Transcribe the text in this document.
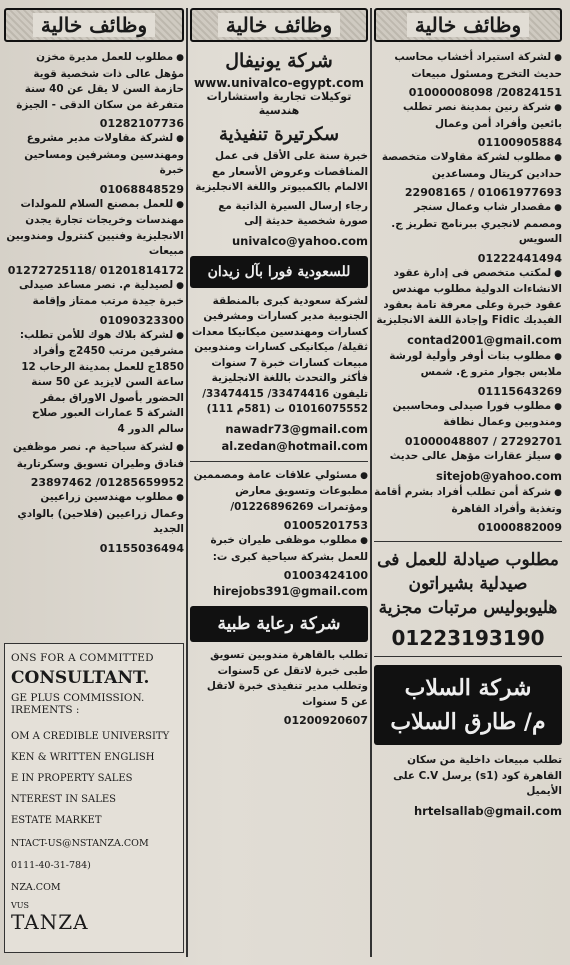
وظائف خالية
●لشركة استيراد أخشاب محاسب حديث التخرج ومسئول مبيعات
01000008098 /20824151
●شركة رنين بمدينة نصر تطلب بائعين وأفراد أمن وعمال
01100905884
●مطلوب لشركة مقاولات متخصصة حدادين كريتال ومساعدين
22908165 / 01061977693
●مقصدار شاب وعمال سنجر ومصمم لانجيري ببرنامج تطريز ج. السويس
01222441494
●لمكتب متخصص فى إدارة عقود الانشاءات الدولية مطلوب مهندس عقود خبرة وعلى معرفة تامة بعقود الفيديك Fidic وإجادة اللغة الانجليزية
contad2001@gmail.com
●مطلوب بنات أوفر وأولية لورشة ملابس بجوار مترو ع. شمس
01115643269
●مطلوب فورا صيدلى ومحاسبين ومندوبين وعمال نظافة
01000048807 / 27292701
●سيلز عقارات مؤهل عالى حديث
sitejob@yahoo.com
●شركة أمن تطلب أفراد بشرم أقامة وتغذية وأفراد القاهرة
01000882009
مطلوب صيادلة للعمل فى صيدلية بشيراتون هليوبوليس مرتبات مجزية
01223193190
شركة السلاب
م/ طارق السلاب
تطلب مبيعات داخلية من سكان القاهرة كود (s1) يرسل C.V على الأيميل
hrtelsallab@gmail.com
وظائف خالية
شركة يونيفال
www.univalco-egypt.com
توكيلات تجارية واستشارات هندسية
سكرتيرة تنفيذية
خبرة سنة على الأقل فى عمل المناقصات وعروض الأسعار مع الالمام بالكمبيوتر واللغة الانجليزية
رجاء إرسال السيرة الذاتية مع صورة شخصية حديثة إلى
univalco@yahoo.com
للسعودية فورا بآل زيدان
لشركة سعودية كبرى بالمنطقة الجنوبية مدير كسارات ومشرفين كسارات ومهندسين ميكانيكا معدات ثقيلة/ ميكانيكى كسارات ومندوبين مبيعات كسارات خبرة 7 سنوات فأكثر والتحدث باللغة الانجليزية تليفون 33474416/ 33474415/ 01016075552 ت (581م 111)
nawadr73@gmail.com
al.zedan@hotmail.com
●مسئولي علاقات عامة ومصممين مطبوعات وتسويق معارض ومؤتمرات 01226896269/
01005201753
●مطلوب موظفى طيران خبرة للعمل بشركة سياحية كبرى ت:
01003424100
hirejobs391@gmail.com
شركة رعاية طبية
تطلب بالقاهرة مندوبين تسويق طبى خبرة لاتقل عن 5سنوات وتطلب مدير تنفيذى خبرة لاتقل عن 5 سنوات
01200920607
وظائف خالية
●مطلوب للعمل مديرة مخزن مؤهل عالى ذات شخصية قوية حازمة السن لا يقل عن 40 سنة متفرغة من سكان الدقى - الجيزة
01282107736
●لشركة مقاولات مدير مشروع ومهندسين ومشرفين ومساحين خبرة
01068848529
●للعمل بمصنع السلام للمولدات مهندسات وخريجات تجارة يجدن الانجليزية وفنيين كنترول ومندوبين مبيعات
01272725118/ 01201814172
●لصيدلية م. نصر مساعد صيدلى خبرة جيدة مرتب ممتاز وإقامة
01090323300
●لشركة بلاك هوك للأمن تطلب: مشرفين مرتب 2450ج وأفراد 1850ج للعمل بمدينة الرحاب 12 ساعة السن لايزيد عن 50 سنة الحضور بأصول الاوراق بمقر الشركة 5 عمارات العبور صلاح سالم الدور 4
●لشركة سياحية م. نصر موظفين فنادق وطيران تسويق وسكرتارية
23897462 /01285659952
●مطلوب مهندسين زراعيين وعمال زراعيين (فلاحين) بالوادي الجديد
01155036494
ONS FOR A COMMITTED
CONSULTANT.
GE PLUS COMMISSION.
IREMENTS :
OM A CREDIBLE UNIVERSITY
KEN & WRITTEN ENGLISH
E IN PROPERTY SALES
NTEREST IN SALES
ESTATE MARKET
NTACT-US@NSTANZA.COM
0111-40-31-784)
NZA.COM
VUS
TANZA
